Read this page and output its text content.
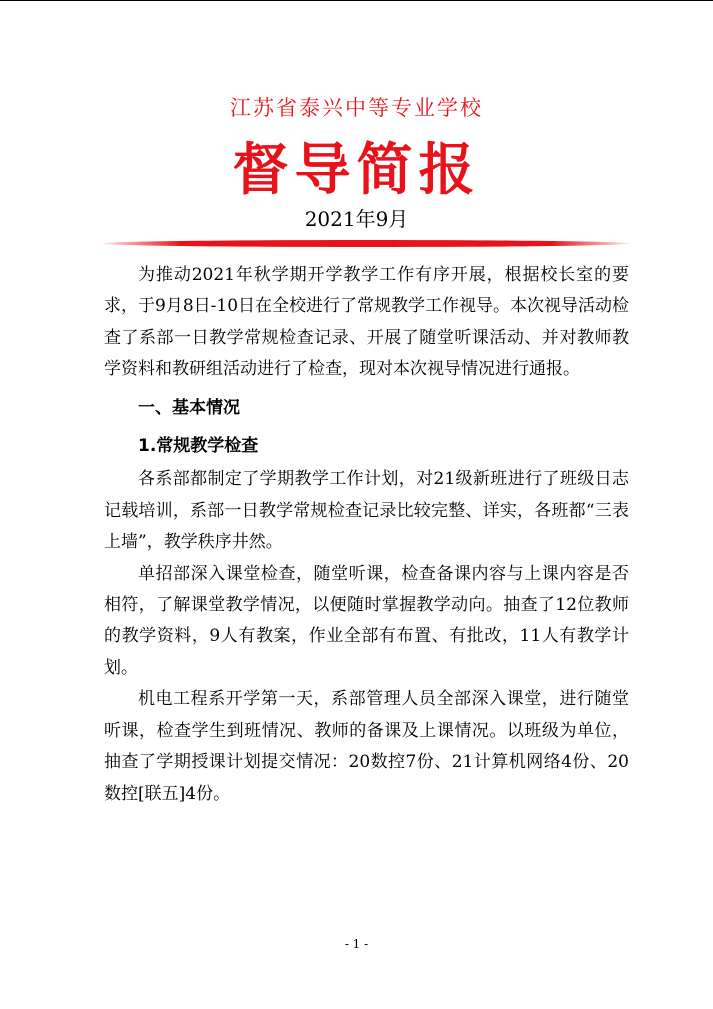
江苏省泰兴中等专业学校
督导简报
2021年9月

为推动2021年秋学期开学教学工作有序开展，根据校长室的要求，于9月8日-10日在全校进行了常规教学工作视导。本次视导活动检查了系部一日教学常规检查记录、开展了随堂听课活动、并对教师教学资料和教研组活动进行了检查，现对本次视导情况进行通报。

一、基本情况

1.常规教学检查

各系部都制定了学期教学工作计划，对21级新班进行了班级日志记载培训，系部一日教学常规检查记录比较完整、详实，各班都“三表上墙”，教学秩序井然。

单招部深入课堂检查，随堂听课，检查备课内容与上课内容是否相符，了解课堂教学情况，以便随时掌握教学动向。抽查了12位教师的教学资料，9人有教案，作业全部有布置、有批改，11人有教学计划。

机电工程系开学第一天，系部管理人员全部深入课堂，进行随堂听课，检查学生到班情况、教师的备课及上课情况。以班级为单位，抽查了学期授课计划提交情况：20数控7份、21计算机网络4份、20数控[联五]4份。

- 1 -
